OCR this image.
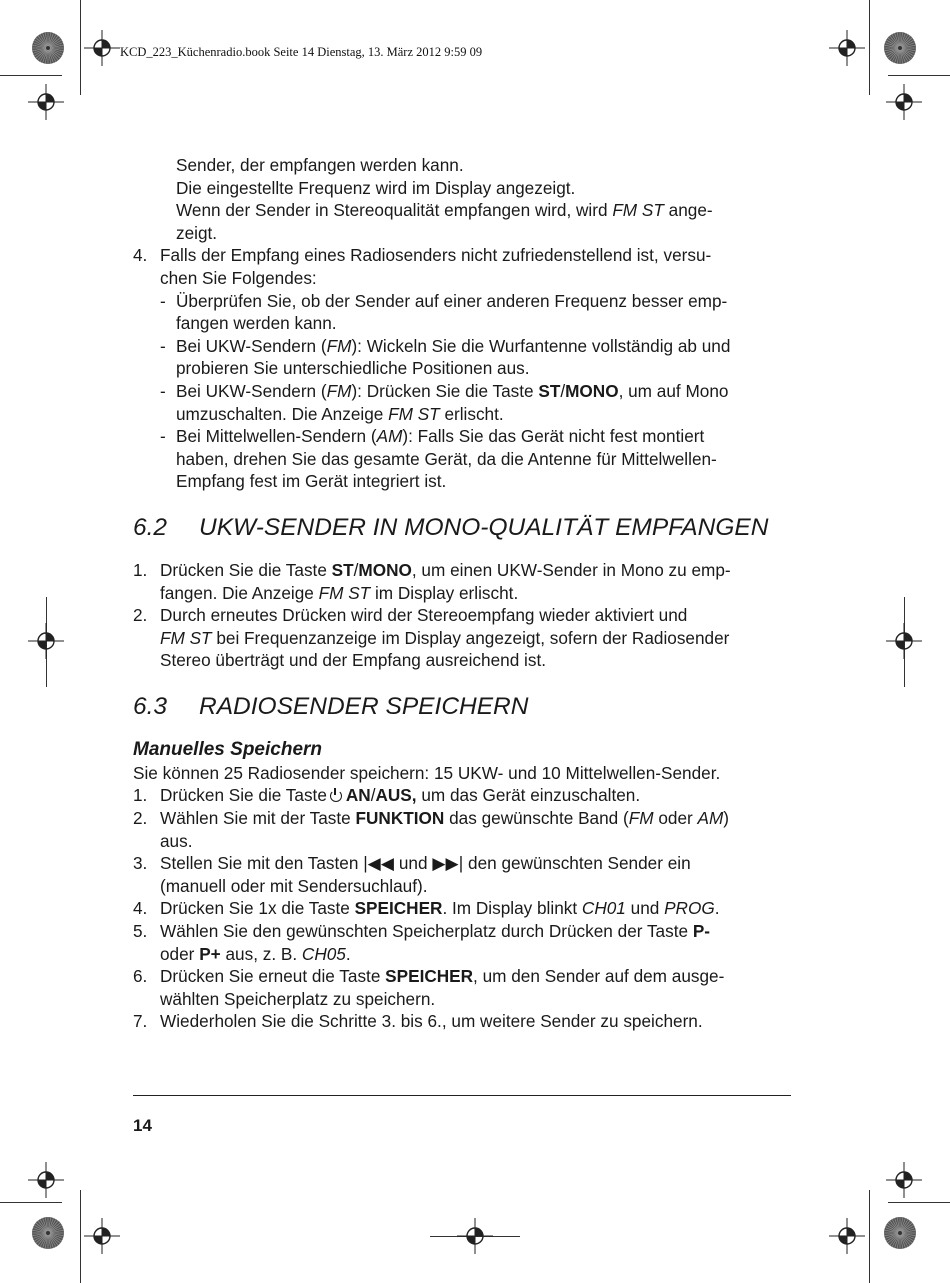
KCD_223_Küchenradio.book Seite 14 Dienstag, 13. März 2012 9:59 09

Sender, der empfangen werden kann.

Die eingestellte Frequenz wird im Display angezeigt.

Wenn der Sender in Stereoqualität empfangen wird, wird FM ST ange-

zeigt.

4. Falls der Empfang eines Radiosenders nicht zufriedenstellend ist, versu-
chen Sie Folgendes:
- Überprüfen Sie, ob der Sender auf einer anderen Frequenz besser emp-
fangen werden kann.
- Bei UKW-Sendern (FM): Wickeln Sie die Wurfantenne vollständig ab und
probieren Sie unterschiedliche Positionen aus.
- Bei UKW-Sendern (FM): Drücken Sie die Taste ST/MONO, um auf Mono
umzuschalten. Die Anzeige FM ST erlischt.
- Bei Mittelwellen-Sendern (AM): Falls Sie das Gerät nicht fest montiert
haben, drehen Sie das gesamte Gerät, da die Antenne für Mittelwellen-
Empfang fest im Gerät integriert ist.
6.2	UKW-SENDER IN MONO-QUALITÄT EMPFANGEN
1. Drücken Sie die Taste ST/MONO, um einen UKW-Sender in Mono zu emp-
fangen. Die Anzeige FM ST im Display erlischt.
2. Durch erneutes Drücken wird der Stereoempfang wieder aktiviert und
FM ST bei Frequenzanzeige im Display angezeigt, sofern der Radiosender
Stereo überträgt und der Empfang ausreichend ist.
6.3	RADIOSENDER SPEICHERN
Manuelles Speichern

Sie können 25 Radiosender speichern: 15 UKW- und 10 Mittelwellen-Sender.

1. Drücken Sie die Taste AN/AUS, um das Gerät einzuschalten.
2. Wählen Sie mit der Taste FUNKTION das gewünschte Band (FM oder AM)
aus.
3. Stellen Sie mit den Tasten |◀◀ und ▶▶| den gewünschten Sender ein
(manuell oder mit Sendersuchlauf).
4. Drücken Sie 1x die Taste SPEICHER. Im Display blinkt CH01 und PROG.
5. Wählen Sie den gewünschten Speicherplatz durch Drücken der Taste P-
oder P+ aus, z. B. CH05.
6. Drücken Sie erneut die Taste SPEICHER, um den Sender auf dem ausge-
wählten Speicherplatz zu speichern.
7. Wiederholen Sie die Schritte 3. bis 6., um weitere Sender zu speichern.
14
